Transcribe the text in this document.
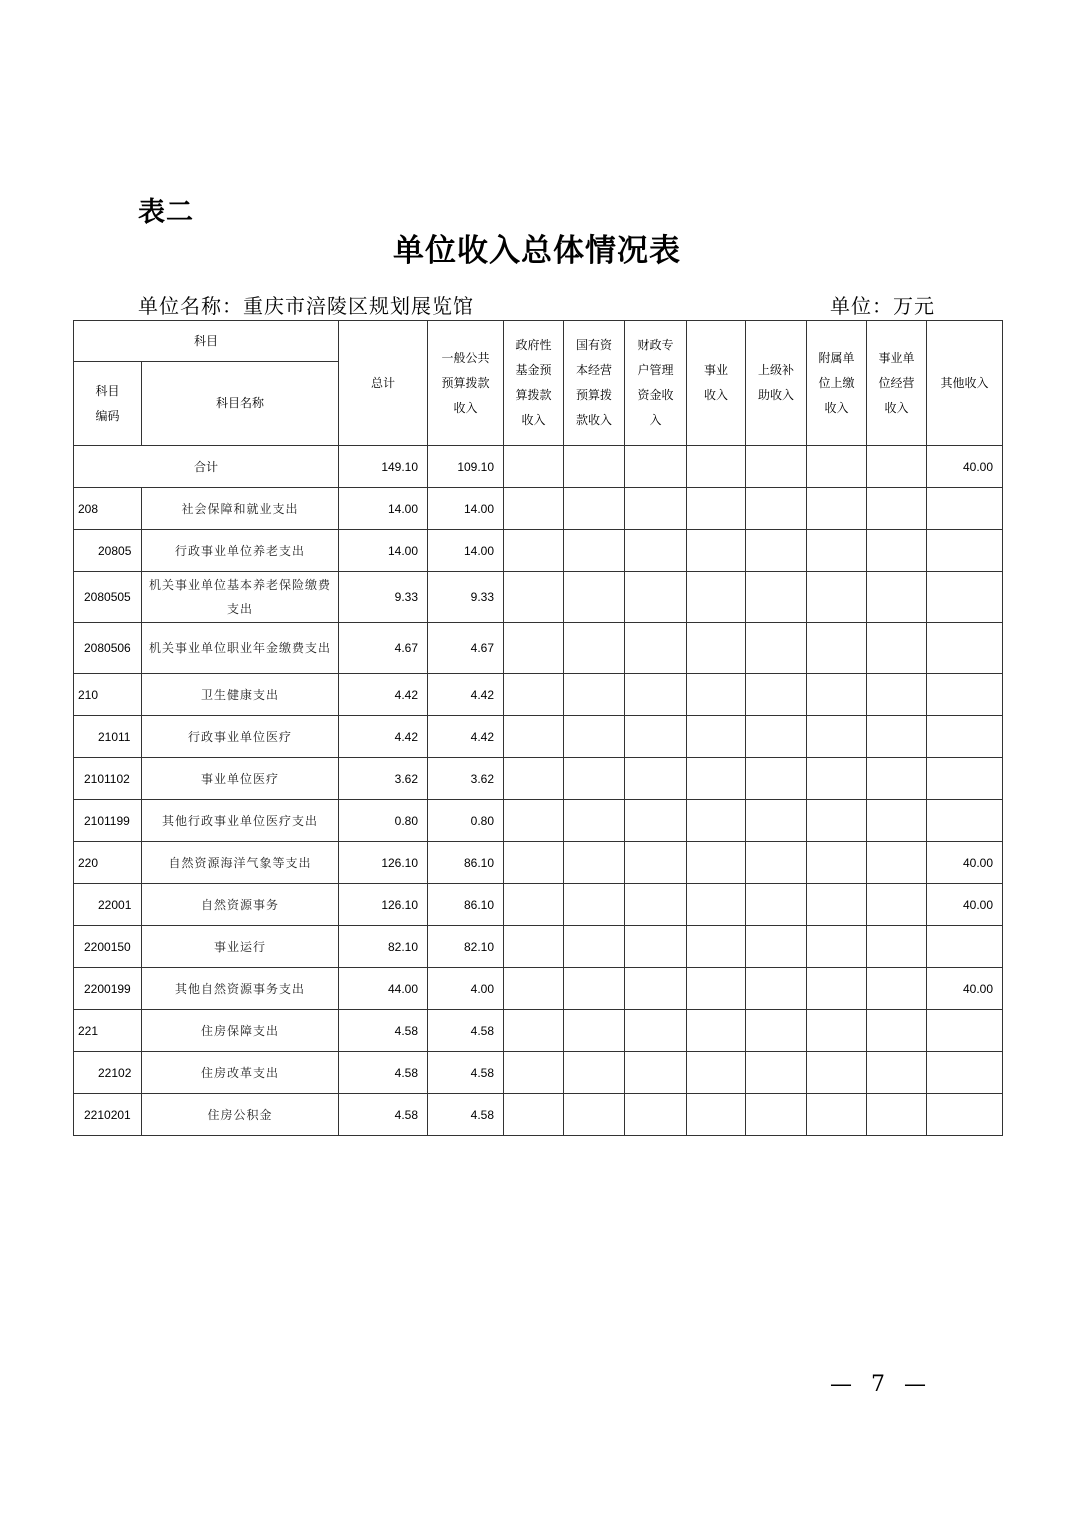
表二
单位收入总体情况表
单位名称：重庆市涪陵区规划展览馆	单位：万元
科目		总计	一般公共预算拨款收入	政府性基金预算拨款收入	国有资本经营预算拨款收入	财政专户管理资金收入	事业收入	上级补助收入	附属单位上缴收入	事业单位经营收入	其他收入
科目编码	科目名称										
合计		149.10	109.10								40.00
208	社会保障和就业支出	14.00	14.00								
20805	行政事业单位养老支出	14.00	14.00								
2080505	机关事业单位基本养老保险缴费支出	9.33	9.33								
2080506	机关事业单位职业年金缴费支出	4.67	4.67								
210	卫生健康支出	4.42	4.42								
21011	行政事业单位医疗	4.42	4.42								
2101102	事业单位医疗	3.62	3.62								
2101199	其他行政事业单位医疗支出	0.80	0.80								
220	自然资源海洋气象等支出	126.10	86.10								40.00
22001	自然资源事务	126.10	86.10								40.00
2200150	事业运行	82.10	82.10								
2200199	其他自然资源事务支出	44.00	4.00								40.00
221	住房保障支出	4.58	4.58								
22102	住房改革支出	4.58	4.58								
2210201	住房公积金	4.58	4.58								
— 7 —
